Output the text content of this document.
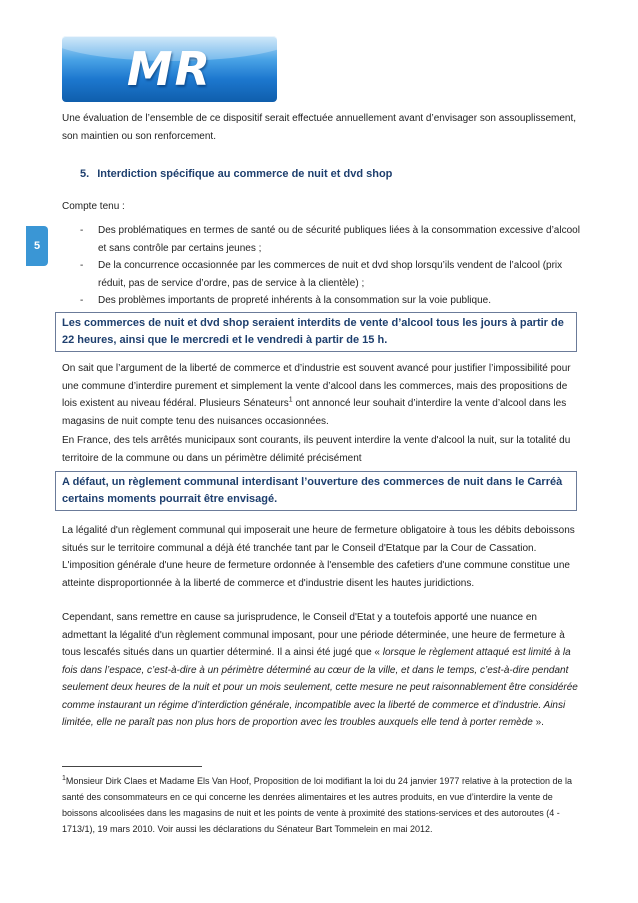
MR
5
Une évaluation de l’ensemble de ce dispositif serait effectuée annuellement avant d’envisager son assouplissement, son maintien ou son renforcement.
5. Interdiction spécifique au commerce de nuit et dvd shop
Compte tenu :
- Des problématiques en termes de santé ou de sécurité publiques liées à la consommation excessive d’alcool et sans contrôle par certains jeunes ;
- De la concurrence occasionnée par les commerces de nuit et dvd shop lorsqu’ils vendent de l’alcool (prix réduit, pas de service d’ordre, pas de service à la clientèle) ;
- Des problèmes importants de propreté inhérents à la consommation sur la voie publique.
Les commerces de nuit et dvd shop seraient interdits de vente d’alcool tous les jours à partir de 22 heures, ainsi que le mercredi et le vendredi à partir de 15 h.
On sait que l’argument de la liberté de commerce et d’industrie est souvent avancé pour justifier l’impossibilité pour une commune d’interdire purement et simplement la vente d’alcool dans les commerces, mais des propositions de lois existent au niveau fédéral. Plusieurs Sénateurs$^1$ ont annoncé leur souhait d’interdire la vente d’alcool dans les magasins de nuit compte tenu des nuisances occasionnées.
En France, des tels arrêtés municipaux sont courants, ils peuvent interdire la vente d'alcool la nuit, sur la totalité du territoire de la commune ou dans un périmètre délimité précisément
A défaut, un règlement communal interdisant l’ouverture des commerces de nuit dans le Carréà certains moments pourrait être envisagé.
La légalité d'un règlement communal qui imposerait une heure de fermeture obligatoire à tous les débits deboissons situés sur le territoire communal a déjà été tranchée tant par le Conseil d'Etatque par la Cour de Cassation. L'imposition générale d'une heure de fermeture ordonnée à l'ensemble des cafetiers d'une commune constitue une atteinte disproportionnée à la liberté de commerce et d'industrie disent les hautes juridictions.
Cependant, sans remettre en cause sa jurisprudence, le Conseil d'Etat y a toutefois apporté une nuance en admettant la légalité d'un règlement communal imposant, pour une période déterminée, une heure de fermeture à tous lescafés situés dans un quartier déterminé. Il a ainsi été jugé que « lorsque le règlement attaqué est limité à la fois dans l’espace, c’est-à-dire à un périmètre déterminé au cœur de la ville, et dans le temps, c’est-à-dire pendant seulement deux heures de la nuit et pour un mois seulement, cette mesure ne peut raisonnablement être considérée comme instaurant un régime d’interdiction générale, incompatible avec la liberté de commerce et d’industrie. Ainsi limitée, elle ne paraît pas non plus hors de proportion avec les troubles auxquels elle tend à porter remède ».
$^1$Monsieur Dirk Claes et Madame Els Van Hoof, Proposition de loi modifiant la loi du 24 janvier 1977 relative à la protection de la santé des consommateurs en ce qui concerne les denrées alimentaires et les autres produits, en vue d’interdire la vente de boissons alcoolisées dans les magasins de nuit et les points de vente à proximité des stations-services et des autoroutes (4 - 1713/1), 19 mars 2010. Voir aussi les déclarations du Sénateur Bart Tommelein en mai 2012.
